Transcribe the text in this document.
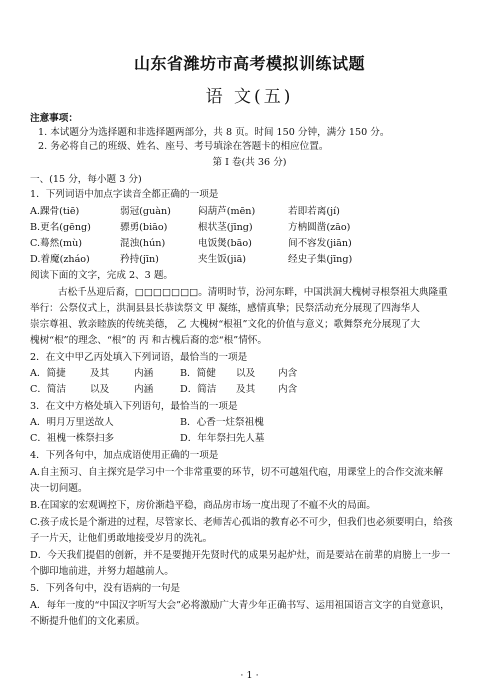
山东省潍坊市高考模拟训练试题
语 文(五)
注意事项：
1. 本试题分为选择题和非选择题两部分，共 8 页。时间 150 分钟，满分 150 分。
2. 务必将自己的班级、姓名、座号、考号填涂在答题卡的相应位置。
第 I 卷(共 36 分)
一、(15 分，每小题 3 分)
1．下列词语中加点字读音全都正确的一项是
A.踝骨(tiē)	弱冠(guàn)	闷葫芦(mēn)	若即若离(jí)
B.更名(gēng)	骠勇(biāo)	根状茎(jīng)	方枘圆凿(zāo)
C.蓦然(mù)	混浊(hún)	电饭煲(bāo)	间不容发(jiān)
D.着魔(zháo)	矜持(jīn)	夹生饭(jiā)	经史子集(jīng)
阅读下面的文字，完成 2、3 题。
古松千丛迎后裔，□□□□□□□。清明时节，汾河东畔，中国洪洞大槐树寻根祭祖大典隆重
举行：公祭仪式上，洪洞县县长恭读祭文 甲 凝练，感情真挚；民祭活动充分展现了四海华人
崇宗尊祖、敦亲睦族的传统美德， 乙 大槐树“根祖”文化的价值与意义；歌舞祭充分展现了大
槐树“根”的理念、“根”的 丙 和古槐后裔的恋“根”情怀。
2．在文中甲乙丙处填入下列词语，最恰当的一项是
A．简捷	及其	内涵	B．简健 以及 内含
C．简洁 以及	内涵	D．简洁 及其 内含
3．在文中方格处填入下列语句，最恰当的一项是
A．明月万里送故人	B．心香一炷祭祖槐
C．祖槐一株祭扫多	D．年年祭扫先人墓
4．下列各句中，加点成语使用正确的一项是
A.自主预习、自主探究是学习中一个非常重要的环节，切不可越俎代庖，用课堂上的合作交流来解
决一切问题。
B.在国家的宏观调控下，房价渐趋平稳，商品房市场一度出现了不瘟不火的局面。
C.孩子成长是个渐进的过程，尽管家长、老师苦心孤诣的教育必不可少，但我们也必须要明白，给孩
子一片天，让他们勇敢地接受岁月的洗礼。
D．今天我们提倡的创新，并不是要抛开先贤时代的成果另起炉灶，而是要站在前辈的肩膀上一步一
个脚印地前进，并努力超越前人。
5．下列各句中，没有语病的一句是
A．每年一度的“中国汉字听写大会”必将激励广大青少年正确书写、运用祖国语言文字的自觉意识，
不断提升他们的文化素质。
· 1 ·
